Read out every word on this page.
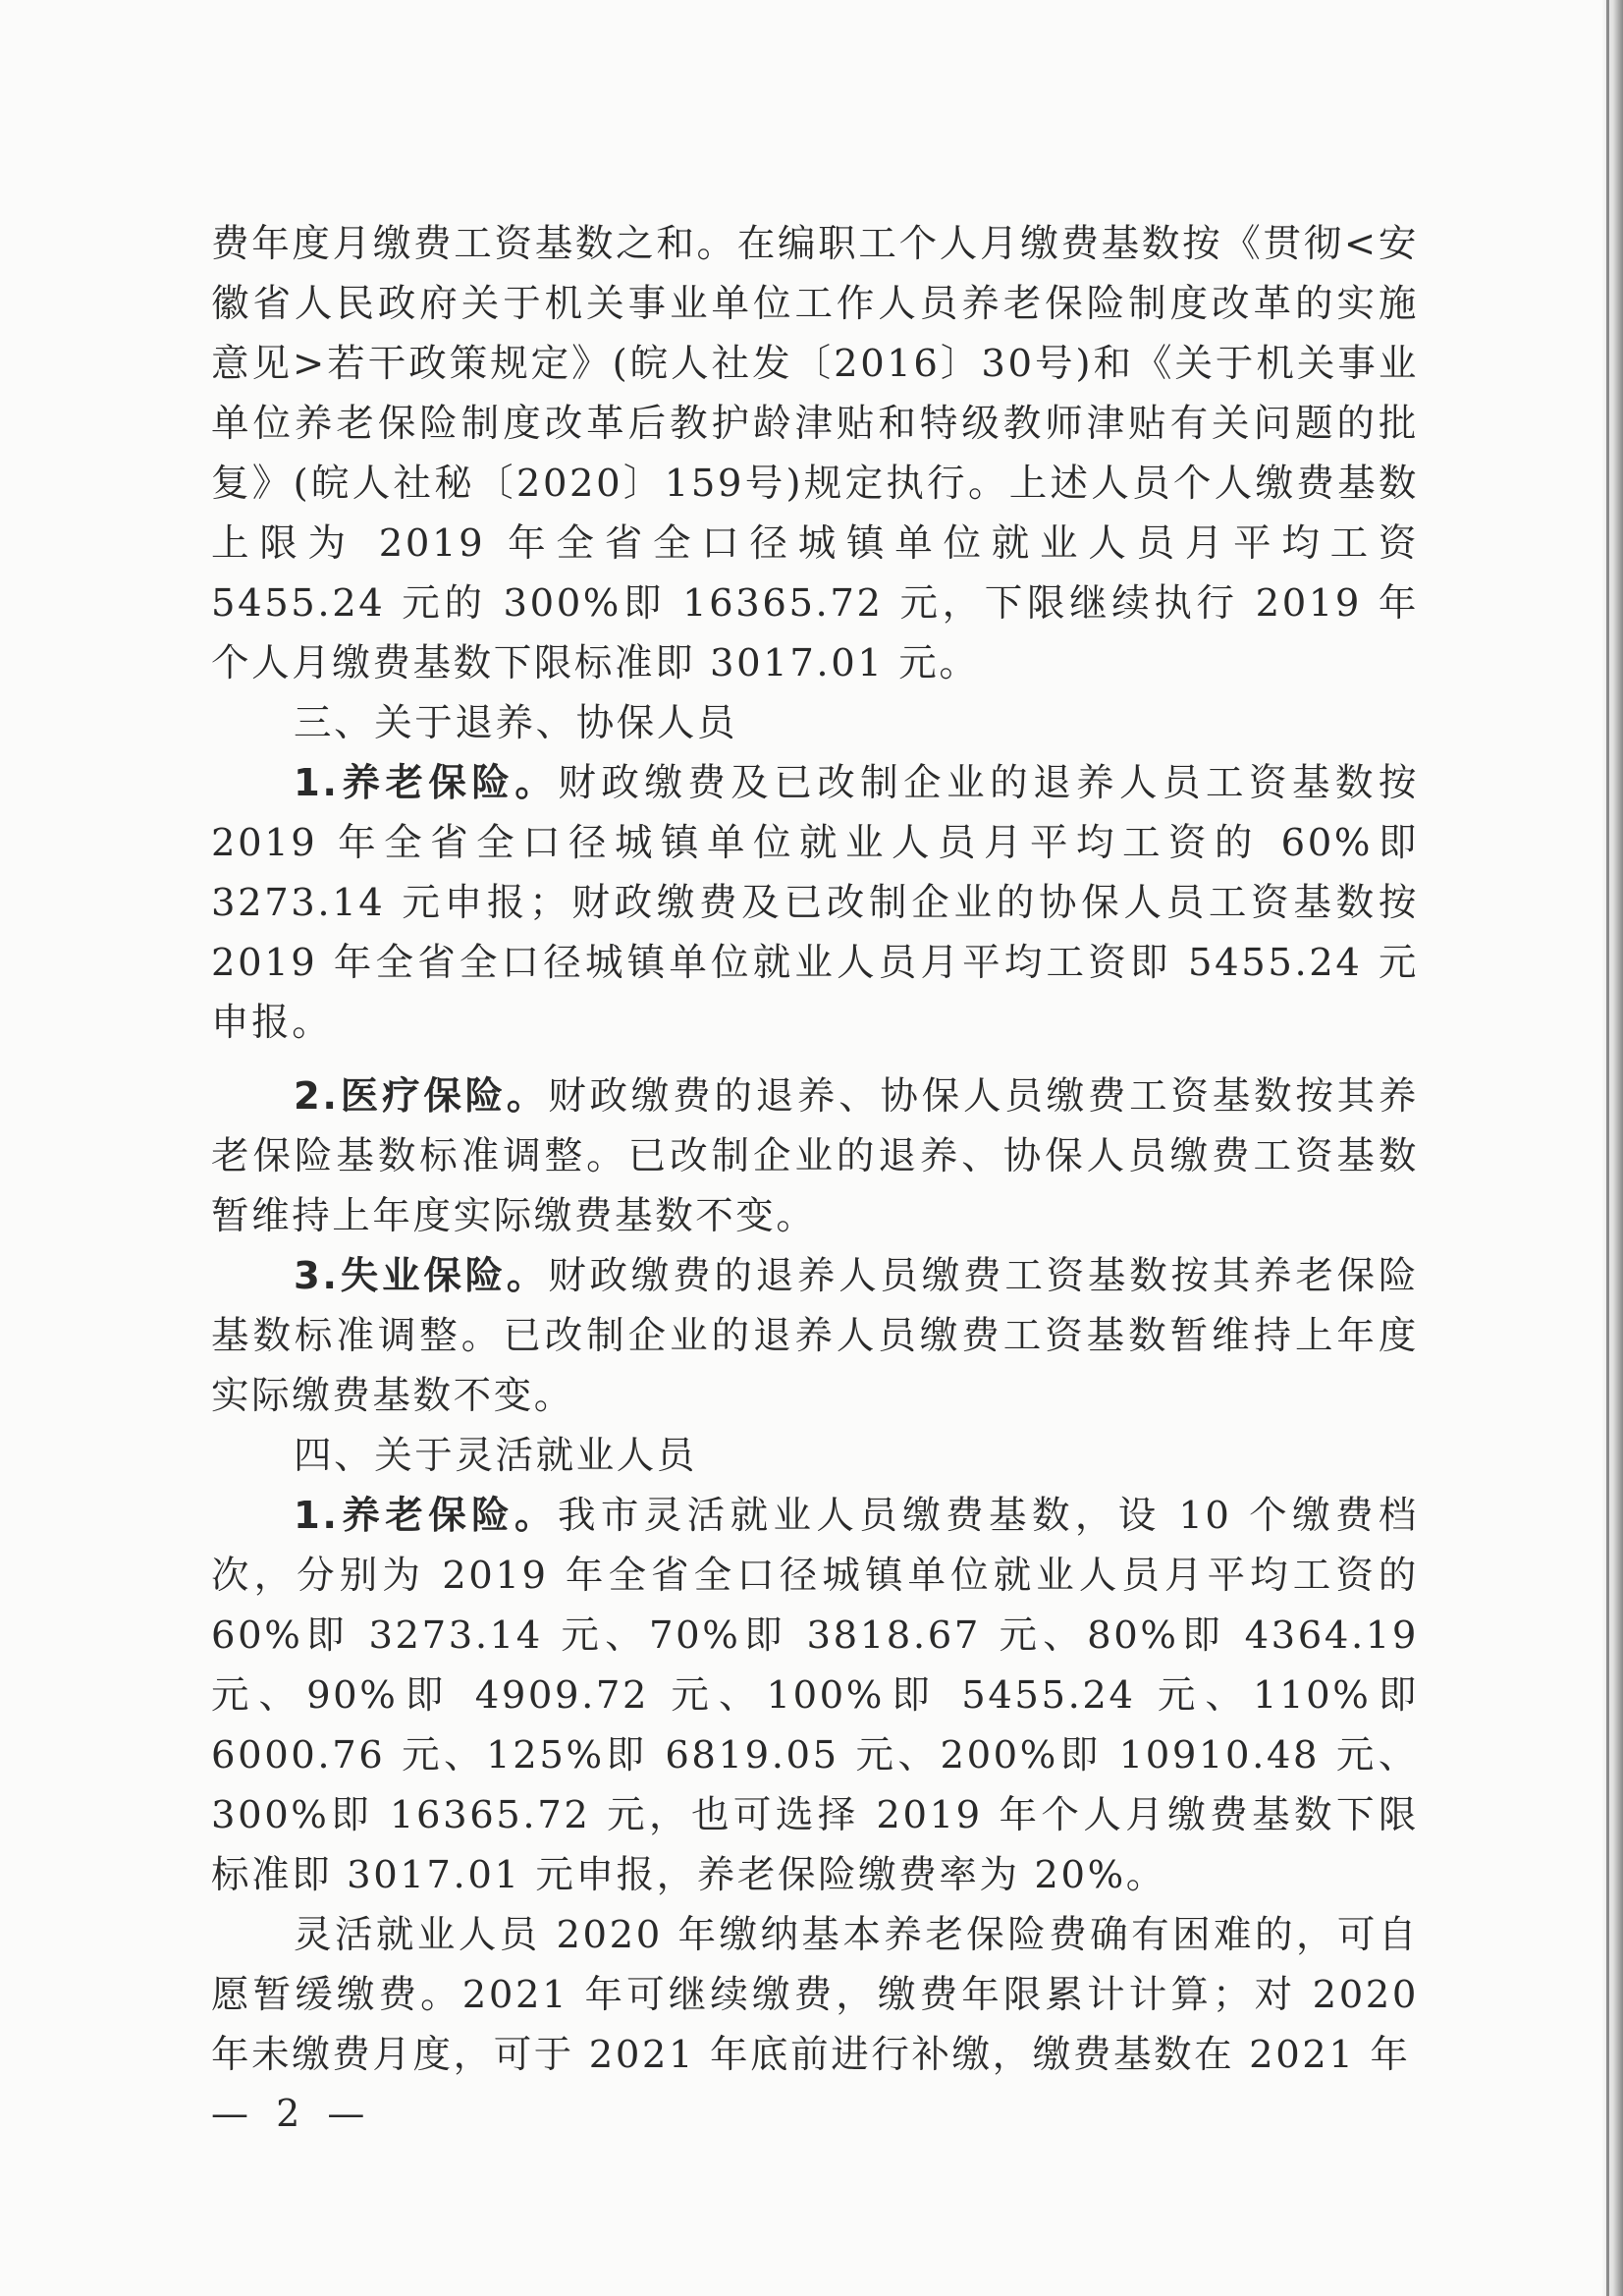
费年度月缴费工资基数之和。在编职工个人月缴费基数按《贯彻<安徽省人民政府关于机关事业单位工作人员养老保险制度改革的实施意见>若干政策规定》(皖人社发〔2016〕30号)和《关于机关事业单位养老保险制度改革后教护龄津贴和特级教师津贴有关问题的批复》(皖人社秘〔2020〕159号)规定执行。上述人员个人缴费基数上限为 2019 年全省全口径城镇单位就业人员月平均工资 5455.24 元的 300%即 16365.72 元，下限继续执行 2019 年个人月缴费基数下限标准即 3017.01 元。

三、关于退养、协保人员

1.养老保险。财政缴费及已改制企业的退养人员工资基数按 2019 年全省全口径城镇单位就业人员月平均工资的 60%即 3273.14 元申报；财政缴费及已改制企业的协保人员工资基数按 2019 年全省全口径城镇单位就业人员月平均工资即 5455.24 元申报。

2.医疗保险。财政缴费的退养、协保人员缴费工资基数按其养老保险基数标准调整。已改制企业的退养、协保人员缴费工资基数暂维持上年度实际缴费基数不变。

3.失业保险。财政缴费的退养人员缴费工资基数按其养老保险基数标准调整。已改制企业的退养人员缴费工资基数暂维持上年度实际缴费基数不变。

四、关于灵活就业人员

1.养老保险。我市灵活就业人员缴费基数，设 10 个缴费档次，分别为 2019 年全省全口径城镇单位就业人员月平均工资的 60%即 3273.14 元、70%即 3818.67 元、80%即 4364.19 元、90%即 4909.72 元、100%即 5455.24 元、110%即 6000.76 元、125%即 6819.05 元、200%即 10910.48 元、300%即 16365.72 元，也可选择 2019 年个人月缴费基数下限标准即 3017.01 元申报，养老保险缴费率为 20%。

灵活就业人员 2020 年缴纳基本养老保险费确有困难的，可自愿暂缓缴费。2021 年可继续缴费，缴费年限累计计算；对 2020 年未缴费月度，可于 2021 年底前进行补缴，缴费基数在 2021 年

— 2 —
